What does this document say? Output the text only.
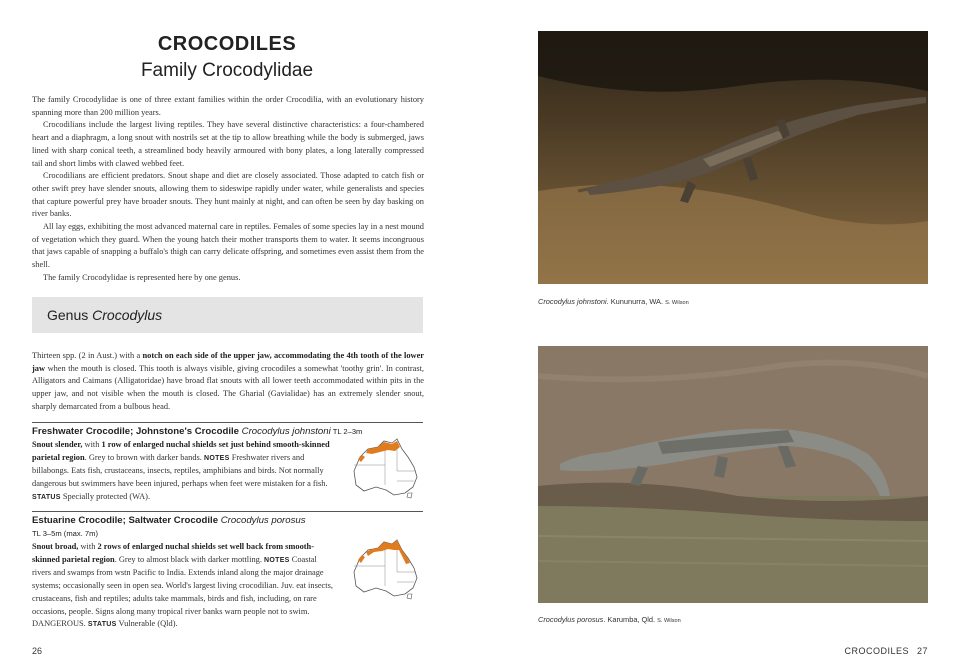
CROCODILES
Family Crocodylidae

The family Crocodylidae is one of three extant families within the order Crocodilia, with an evolutionary history spanning more than 200 million years.

Crocodilians include the largest living reptiles. They have several distinctive characteristics: a four-chambered heart and a diaphragm, a long snout with nostrils set at the tip to allow breathing while the body is submerged, jaws lined with sharp conical teeth, a streamlined body heavily armoured with bony plates, a long laterally compressed tail and short limbs with clawed webbed feet.

Crocodilians are efficient predators. Snout shape and diet are closely associated. Those adapted to catch fish or other swift prey have slender snouts, allowing them to sideswipe rapidly under water, while generalists and species that capture powerful prey have broader snouts. They hunt mainly at night, and can often be seen by day basking on river banks.

All lay eggs, exhibiting the most advanced maternal care in reptiles. Females of some species lay in a nest mound of vegetation which they guard. When the young hatch their mother transports them to water. It seems incongruous that jaws capable of snapping a buffalo's thigh can carry delicate offspring, and sometimes even assist them from the shell.

The family Crocodylidae is represented here by one genus.

Genus Crocodylus

Thirteen spp. (2 in Aust.) with a notch on each side of the upper jaw, accommodating the 4th tooth of the lower jaw when the mouth is closed. This tooth is always visible, giving crocodiles a somewhat 'toothy grin'. In contrast, Alligators and Caimans (Alligatoridae) have broad flat snouts with all lower teeth accommodated within pits in the upper jaw, and not visible when the mouth is closed. The Gharial (Gavialidae) has an extremely slender snout, sharply demarcated from a bulbous head.

Freshwater Crocodile; Johnstone's Crocodile Crocodylus johnstoni TL 2–3m

Snout slender, with 1 row of enlarged nuchal shields set just behind smooth-skinned parietal region. Grey to brown with darker bands. NOTES Freshwater rivers and billabongs. Eats fish, crustaceans, insects, reptiles, amphibians and birds. Not normally dangerous but swimmers have been injured, perhaps when feet were mistaken for a fish. STATUS Specially protected (WA).

Estuarine Crocodile; Saltwater Crocodile Crocodylus porosus
TL 3–5m (max. 7m)

Snout broad, with 2 rows of enlarged nuchal shields set well back from smooth-skinned parietal region. Grey to almost black with darker mottling. NOTES Coastal rivers and swamps from wstn Pacific to India. Extends inland along the major drainage systems; occasionally seen in open sea. World's largest living crocodilian. Juv. eat insects, crustaceans, fish and reptiles; adults take mammals, birds and fish, including, on rare occasions, people. Signs along many tropical river banks warn people not to swim. DANGEROUS. STATUS Vulnerable (Qld).

26
Crocodylus johnstoni. Kununurra, WA. S. Wilson
Crocodylus porosus. Karumba, Qld. S. Wilson
CROCODILES 27
